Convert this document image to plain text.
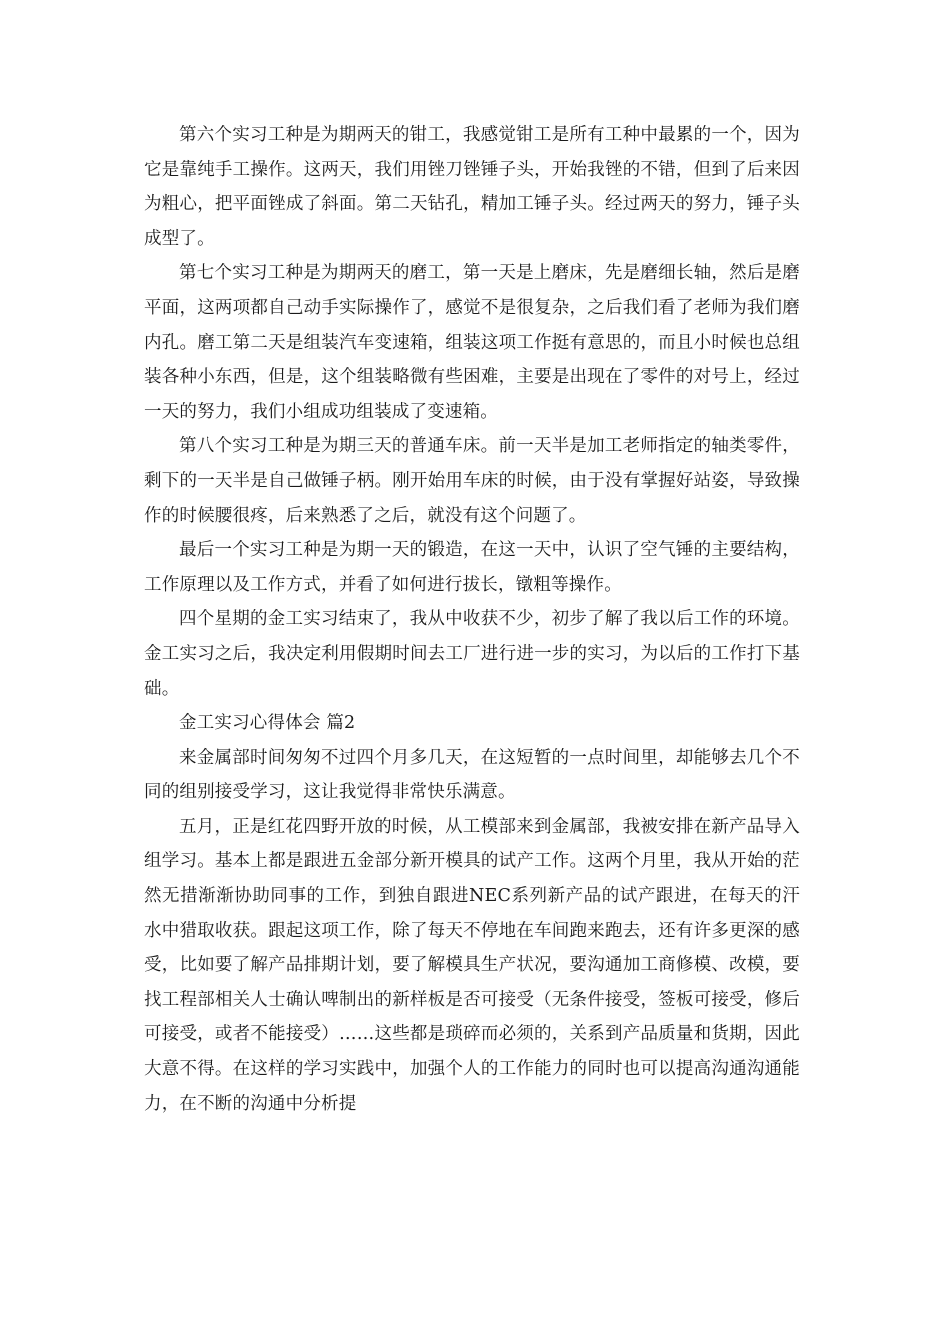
第六个实习工种是为期两天的钳工，我感觉钳工是所有工种中最累的一个，因为它是靠纯手工操作。这两天，我们用锉刀锉锤子头，开始我锉的不错，但到了后来因为粗心，把平面锉成了斜面。第二天钻孔，精加工锤子头。经过两天的努力，锤子头成型了。

第七个实习工种是为期两天的磨工，第一天是上磨床，先是磨细长轴，然后是磨平面，这两项都自己动手实际操作了，感觉不是很复杂，之后我们看了老师为我们磨内孔。磨工第二天是组装汽车变速箱，组装这项工作挺有意思的，而且小时候也总组装各种小东西，但是，这个组装略微有些困难，主要是出现在了零件的对号上，经过一天的努力，我们小组成功组装成了变速箱。

第八个实习工种是为期三天的普通车床。前一天半是加工老师指定的轴类零件，剩下的一天半是自己做锤子柄。刚开始用车床的时候，由于没有掌握好站姿，导致操作的时候腰很疼，后来熟悉了之后，就没有这个问题了。

最后一个实习工种是为期一天的锻造，在这一天中，认识了空气锤的主要结构，工作原理以及工作方式，并看了如何进行拔长，镦粗等操作。

四个星期的金工实习结束了，我从中收获不少，初步了解了我以后工作的环境。金工实习之后，我决定利用假期时间去工厂进行进一步的实习，为以后的工作打下基础。

金工实习心得体会 篇2

来金属部时间匆匆不过四个月多几天，在这短暂的一点时间里，却能够去几个不同的组别接受学习，这让我觉得非常快乐满意。

五月，正是红花四野开放的时候，从工模部来到金属部，我被安排在新产品导入组学习。基本上都是跟进五金部分新开模具的试产工作。这两个月里，我从开始的茫然无措渐渐协助同事的工作，到独自跟进NEC系列新产品的试产跟进，在每天的汗水中猎取收获。跟起这项工作，除了每天不停地在车间跑来跑去，还有许多更深的感受，比如要了解产品排期计划，要了解模具生产状况，要沟通加工商修模、改模，要找工程部相关人士确认啤制出的新样板是否可接受（无条件接受，签板可接受，修后可接受，或者不能接受）……这些都是琐碎而必须的，关系到产品质量和货期，因此大意不得。在这样的学习实践中，加强个人的工作能力的同时也可以提高沟通沟通能力，在不断的沟通中分析提
